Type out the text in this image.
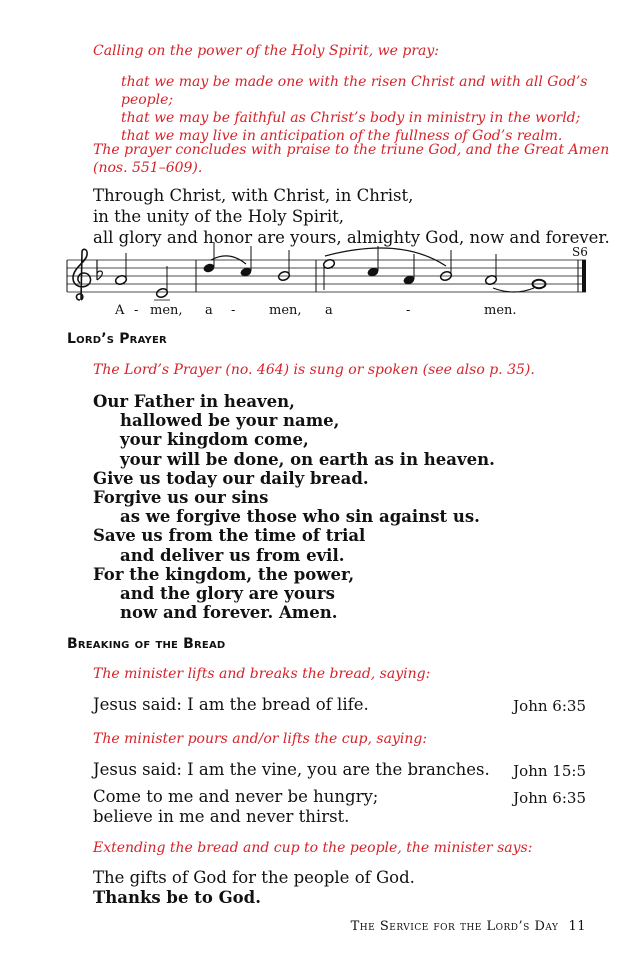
Calling on the power of the Holy Spirit, we pray:
that we may be made one with the risen Christ and with all God’s people;
that we may be faithful as Christ’s body in ministry in the world;
that we may live in anticipation of the fullness of God’s realm.
The prayer concludes with praise to the triune God, and the Great Amen
(nos. 551–609).
Through Christ, with Christ, in Christ,
in the unity of the Holy Spirit,
all glory and honor are yours, almighty God, now and forever.
S6
A - men, a -	men, a	-	men.
Lord’s Prayer
The Lord’s Prayer (no. 464) is sung or spoken (see also p. 35).
Our Father in heaven,
hallowed be your name,
your kingdom come,
your will be done, on earth as in heaven.
Give us today our daily bread.
Forgive us our sins
as we forgive those who sin against us.
Save us from the time of trial
and deliver us from evil.
For the kingdom, the power,
and the glory are yours
now and forever. Amen.
Breaking of the Bread
The minister lifts and breaks the bread, saying:
Jesus said: I am the bread of life.	John 6:35
The minister pours and/or lifts the cup, saying:
Jesus said: I am the vine, you are the branches. John 15:5
Come to me and never be hungry;
believe in me and never thirst.
John 6:35
Extending the bread and cup to the people, the minister says:
The gifts of God for the people of God.
Thanks be to God.
The Service for the Lord’s Day 11
